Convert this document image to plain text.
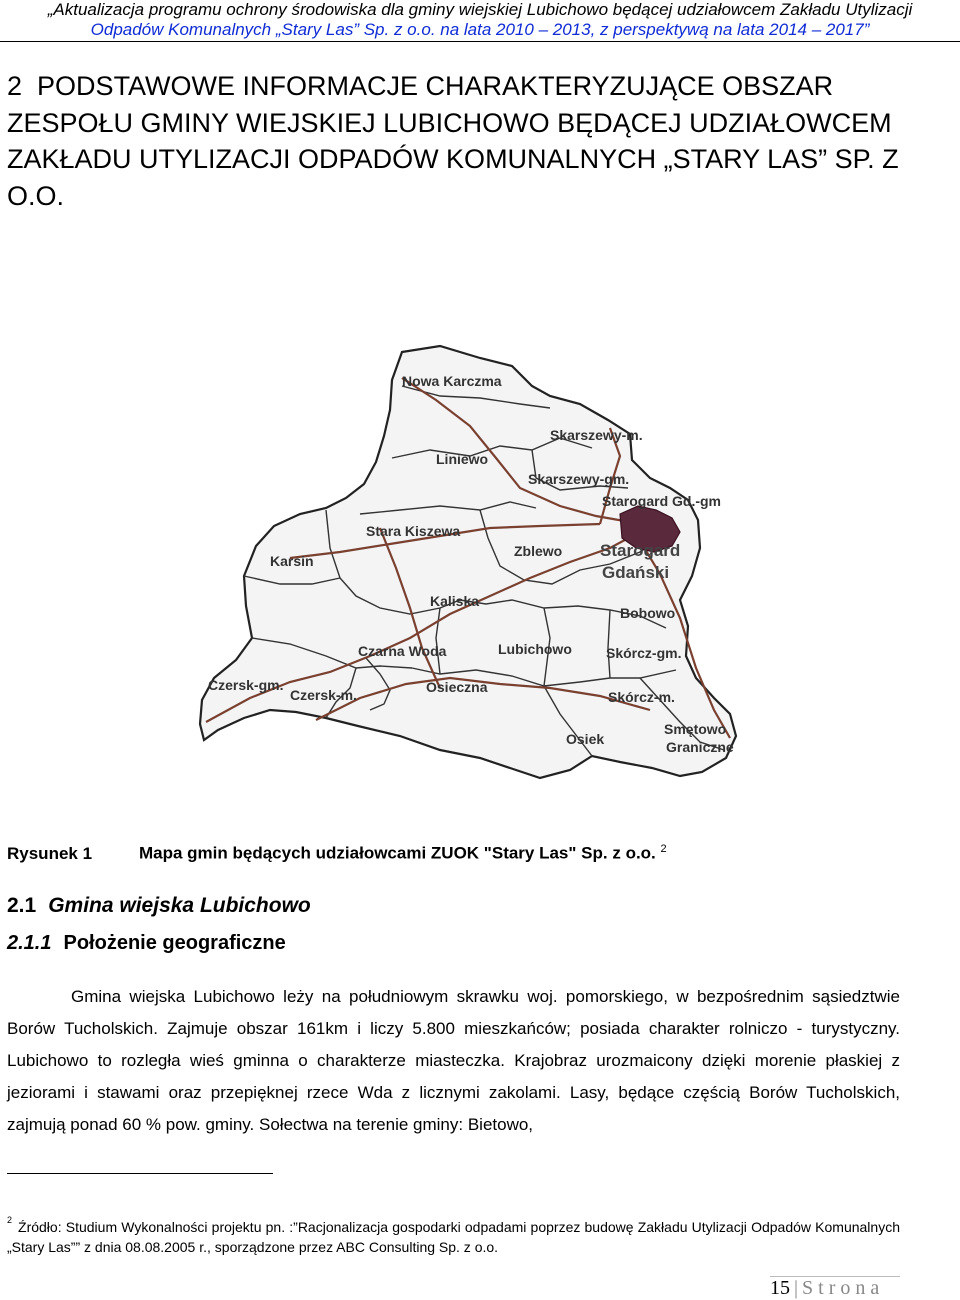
„Aktualizacja programu ochrony środowiska dla gminy wiejskiej Lubichowo będącej udziałowcem Zakładu Utylizacji
Odpadów Komunalnych „Stary Las” Sp. z o.o. na lata 2010 – 2013, z perspektywą na lata 2014 – 2017”
2 PODSTAWOWE INFORMACJE CHARAKTERYZUJĄCE OBSZAR ZESPOŁU GMINY WIEJSKIEJ LUBICHOWO BĘDĄCEJ UDZIAŁOWCEM ZAKŁADU UTYLIZACJI ODPADÓW KOMUNALNYCH „STARY LAS” SP. Z O.O.
Nowa Karczma
Liniewo
Skarszewy-m.
Skarszewy-gm.
Starogard Gd.-gm
Stara Kiszewa
Karsin
Zblewo Starogard
Gdański
Kaliska
Bobowo
Czarna Woda	Lubichowo Skórcz-gm.
Czersk-gm.
Czersk-m.	Osieczna
Skórcz-m.
Smętowo
Graniczne
Osiek
Rysunek 1	Mapa gmin będących udziałowcami ZUOK "Stary Las" Sp. z o.o. $^2$
2.1 Gmina wiejska Lubichowo
2.1.1 Położenie geograficzne

Gmina wiejska Lubichowo leży na południowym skrawku woj. pomorskiego, w bezpośrednim sąsiedztwie Borów Tucholskich. Zajmuje obszar 161km i liczy 5.800 mieszkańców; posiada charakter rolniczo - turystyczny. Lubichowo to rozległa wieś gminna o charakterze miasteczka. Krajobraz urozmaicony dzięki morenie płaskiej z jeziorami i stawami oraz przepięknej rzece Wda z licznymi zakolami. Lasy, będące częścią Borów Tucholskich, zajmują ponad 60 % pow. gminy. Sołectwa na terenie gminy: Bietowo,

$^2$ Źródło: Studium Wykonalności projektu pn. :”Racjonalizacja gospodarki odpadami poprzez budowę Zakładu Utylizacji Odpadów Komunalnych „Stary Las”” z dnia 08.08.2005 r., sporządzone przez ABC Consulting Sp. z o.o.
15 | Strona
